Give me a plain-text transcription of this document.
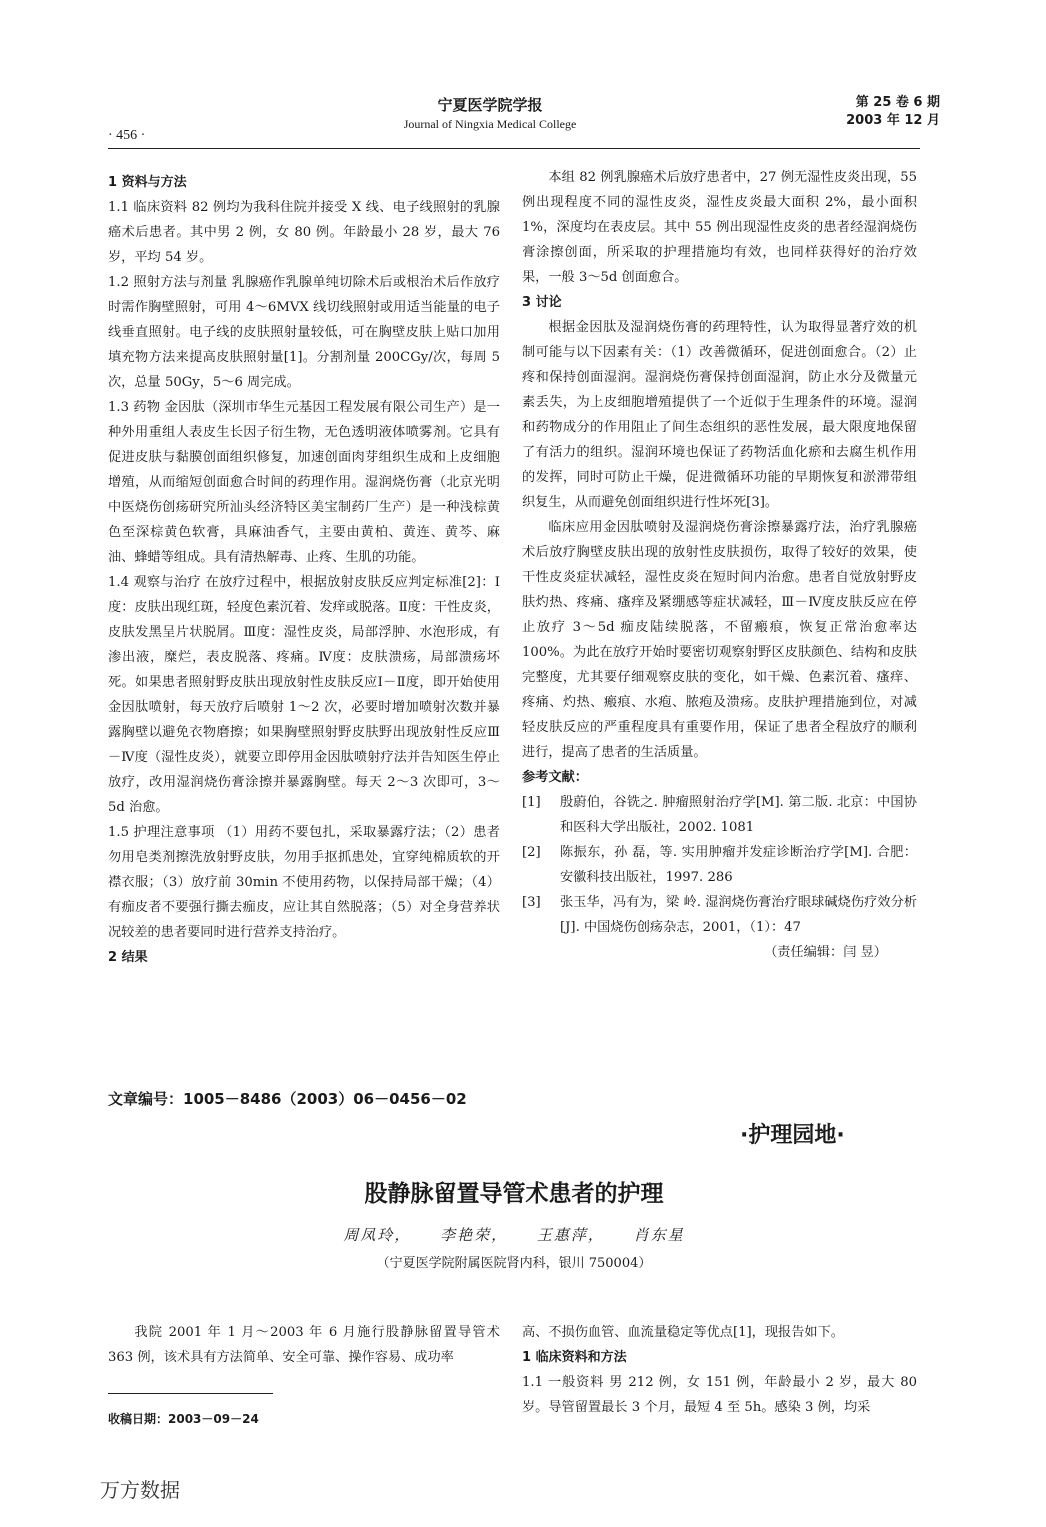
宁夏医学院学报
Journal of Ningxia Medical College
第 25 卷 6 期
2003 年 12 月
· 456 ·

1 资料与方法

1.1 临床资料 82 例均为我科住院并接受 X 线、电子线照射的乳腺癌术后患者。其中男 2 例，女 80 例。年龄最小 28 岁，最大 76 岁，平均 54 岁。

1.2 照射方法与剂量 乳腺癌作乳腺单纯切除术后或根治术后作放疗时需作胸壁照射，可用 4～6MVX 线切线照射或用适当能量的电子线垂直照射。电子线的皮肤照射量较低，可在胸壁皮肤上贴口加用填充物方法来提高皮肤照射量[1]。分割剂量 200CGy/次，每周 5 次，总量 50Gy，5～6 周完成。

1.3 药物 金因肽（深圳市华生元基因工程发展有限公司生产）是一种外用重组人表皮生长因子衍生物，无色透明液体喷雾剂。它具有促进皮肤与黏膜创面组织修复，加速创面肉芽组织生成和上皮细胞增殖，从而缩短创面愈合时间的药理作用。湿润烧伤膏（北京光明中医烧伤创疡研究所汕头经济特区美宝制药厂生产）是一种浅棕黄色至深棕黄色软膏，具麻油香气，主要由黄柏、黄连、黄芩、麻油、蜂蜡等组成。具有清热解毒、止疼、生肌的功能。

1.4 观察与治疗 在放疗过程中，根据放射皮肤反应判定标准[2]：Ⅰ度：皮肤出现红斑，轻度色素沉着、发痒或脱落。Ⅱ度：干性皮炎，皮肤发黑呈片状脱屑。Ⅲ度：湿性皮炎，局部浮肿、水泡形成，有渗出液，糜烂，表皮脱落、疼痛。Ⅳ度：皮肤溃疡，局部溃疡坏死。如果患者照射野皮肤出现放射性皮肤反应Ⅰ－Ⅱ度，即开始使用金因肽喷射，每天放疗后喷射 1～2 次，必要时增加喷射次数并暴露胸壁以避免衣物磨擦；如果胸壁照射野皮肤野出现放射性反应Ⅲ－Ⅳ度（湿性皮炎），就要立即停用金因肽喷射疗法并告知医生停止放疗，改用湿润烧伤膏涂擦并暴露胸壁。每天 2～3 次即可，3～5d 治愈。

1.5 护理注意事项 （1）用药不要包扎，采取暴露疗法；（2）患者勿用皂类剂擦洗放射野皮肤，勿用手抠抓患处，宜穿纯棉质软的开襟衣服；（3）放疗前 30min 不使用药物，以保持局部干燥；（4）有痂皮者不要强行撕去痂皮，应让其自然脱落；（5）对全身营养状况较差的患者要同时进行营养支持治疗。

2 结果

本组 82 例乳腺癌术后放疗患者中，27 例无湿性皮炎出现，55 例出现程度不同的湿性皮炎，湿性皮炎最大面积 2%，最小面积 1%，深度均在表皮层。其中 55 例出现湿性皮炎的患者经湿润烧伤膏涂擦创面，所采取的护理措施均有效，也同样获得好的治疗效果，一般 3～5d 创面愈合。

3 讨论

根据金因肽及湿润烧伤膏的药理特性，认为取得显著疗效的机制可能与以下因素有关：（1）改善微循环，促进创面愈合。（2）止疼和保持创面湿润。湿润烧伤膏保持创面湿润，防止水分及微量元素丢失，为上皮细胞增殖提供了一个近似于生理条件的环境。湿润和药物成分的作用阻止了间生态组织的恶性发展，最大限度地保留了有活力的组织。湿润环境也保证了药物活血化瘀和去腐生机作用的发挥，同时可防止干燥，促进微循环功能的早期恢复和淤滞带组织复生，从而避免创面组织进行性坏死[3]。

临床应用金因肽喷射及湿润烧伤膏涂擦暴露疗法，治疗乳腺癌术后放疗胸壁皮肤出现的放射性皮肤损伤，取得了较好的效果，使干性皮炎症状减轻，湿性皮炎在短时间内治愈。患者自觉放射野皮肤灼热、疼痛、瘙痒及紧绷感等症状减轻，Ⅲ－Ⅳ度皮肤反应在停止放疗 3～5d 痂皮陆续脱落，不留瘢痕，恢复正常治愈率达 100%。为此在放疗开始时要密切观察射野区皮肤颜色、结构和皮肤完整度，尤其要仔细观察皮肤的变化，如干燥、色素沉着、瘙痒、疼痛、灼热、瘢痕、水疱、脓疱及溃疡。皮肤护理措施到位，对减轻皮肤反应的严重程度具有重要作用，保证了患者全程放疗的顺利进行，提高了患者的生活质量。

参考文献：

[1] 殷蔚伯，谷铣之. 肿瘤照射治疗学[M]. 第二版. 北京：中国协和医科大学出版社，2002. 1081
[2] 陈振东，孙 磊，等. 实用肿瘤并发症诊断治疗学[M]. 合肥：安徽科技出版社，1997. 286
[3] 张玉华，冯有为，梁 岭. 湿润烧伤膏治疗眼球碱烧伤疗效分析[J]. 中国烧伤创疡杂志，2001，（1）：47

（责任编辑：闫 昱）

文章编号：1005－8486（2003）06－0456－02
·护理园地·
股静脉留置导管术患者的护理
周凤玲， 李艳荣， 王惠萍， 肖东星
（宁夏医学院附属医院肾内科，银川 750004）

我院 2001 年 1 月～2003 年 6 月施行股静脉留置导管术 363 例，该术具有方法简单、安全可靠、操作容易、成功率

高、不损伤血管、血流量稳定等优点[1]，现报告如下。

1 临床资料和方法

1.1 一般资料 男 212 例，女 151 例，年龄最小 2 岁，最大 80 岁。导管留置最长 3 个月，最短 4 至 5h。感染 3 例，均采

收稿日期：2003－09－24
万方数据
